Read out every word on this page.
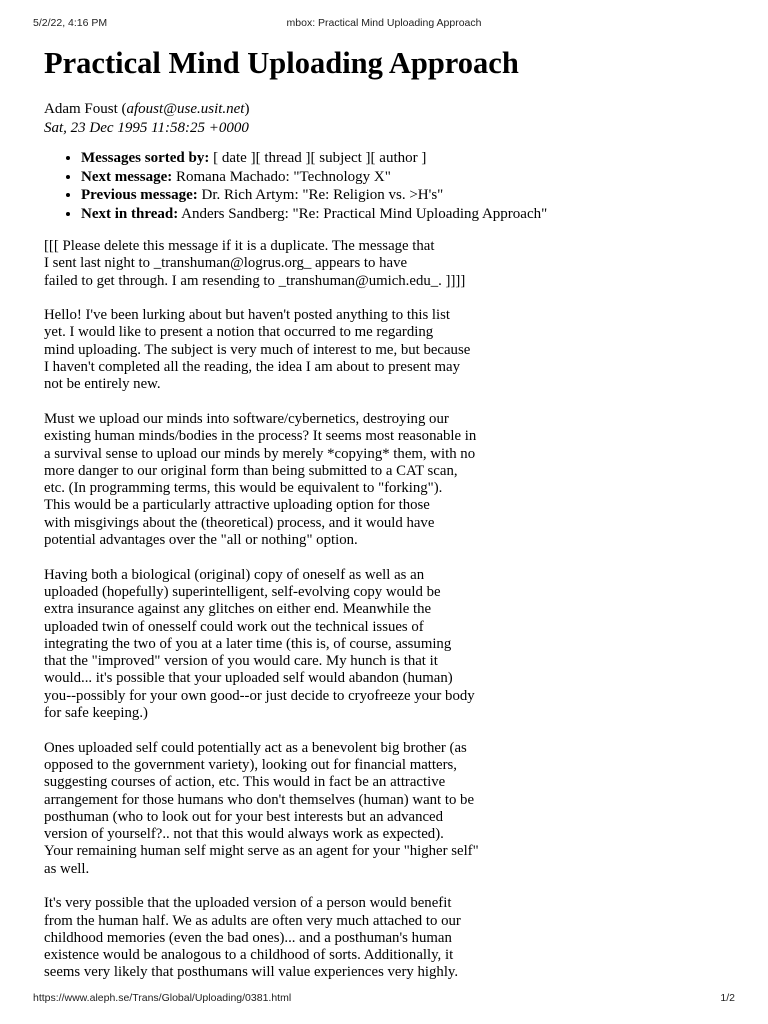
5/2/22, 4:16 PM	mbox: Practical Mind Uploading Approach
Practical Mind Uploading Approach
Adam Foust (afoust@use.usit.net)
Sat, 23 Dec 1995 11:58:25 +0000
• Messages sorted by: [ date ][ thread ][ subject ][ author ]
• Next message: Romana Machado: "Technology X"
• Previous message: Dr. Rich Artym: "Re: Religion vs. >H's"
• Next in thread: Anders Sandberg: "Re: Practical Mind Uploading Approach"

[[[ Please delete this message if it is a duplicate. The message that
I sent last night to _transhuman@logrus.org_ appears to have
failed to get through. I am resending to _transhuman@umich.edu_. ]]]]

Hello! I've been lurking about but haven't posted anything to this list
yet. I would like to present a notion that occurred to me regarding
mind uploading. The subject is very much of interest to me, but because
I haven't completed all the reading, the idea I am about to present may
not be entirely new.

Must we upload our minds into software/cybernetics, destroying our
existing human minds/bodies in the process? It seems most reasonable in
a survival sense to upload our minds by merely *copying* them, with no
more danger to our original form than being submitted to a CAT scan,
etc. (In programming terms, this would be equivalent to "forking").
This would be a particularly attractive uploading option for those
with misgivings about the (theoretical) process, and it would have
potential advantages over the "all or nothing" option.

Having both a biological (original) copy of oneself as well as an
uploaded (hopefully) superintelligent, self-evolving copy would be
extra insurance against any glitches on either end. Meanwhile the
uploaded twin of onesself could work out the technical issues of
integrating the two of you at a later time (this is, of course, assuming
that the "improved" version of you would care. My hunch is that it
would... it's possible that your uploaded self would abandon (human)
you--possibly for your own good--or just decide to cryofreeze your body
for safe keeping.)

Ones uploaded self could potentially act as a benevolent big brother (as
opposed to the government variety), looking out for financial matters,
suggesting courses of action, etc. This would in fact be an attractive
arrangement for those humans who don't themselves (human) want to be
posthuman (who to look out for your best interests but an advanced
version of yourself?.. not that this would always work as expected).
Your remaining human self might serve as an agent for your "higher self"
as well.

It's very possible that the uploaded version of a person would benefit
from the human half. We as adults are often very much attached to our
childhood memories (even the bad ones)... and a posthuman's human
existence would be analogous to a childhood of sorts. Additionally, it
seems very likely that posthumans will value experiences very highly.

https://www.aleph.se/Trans/Global/Uploading/0381.html	1/2
